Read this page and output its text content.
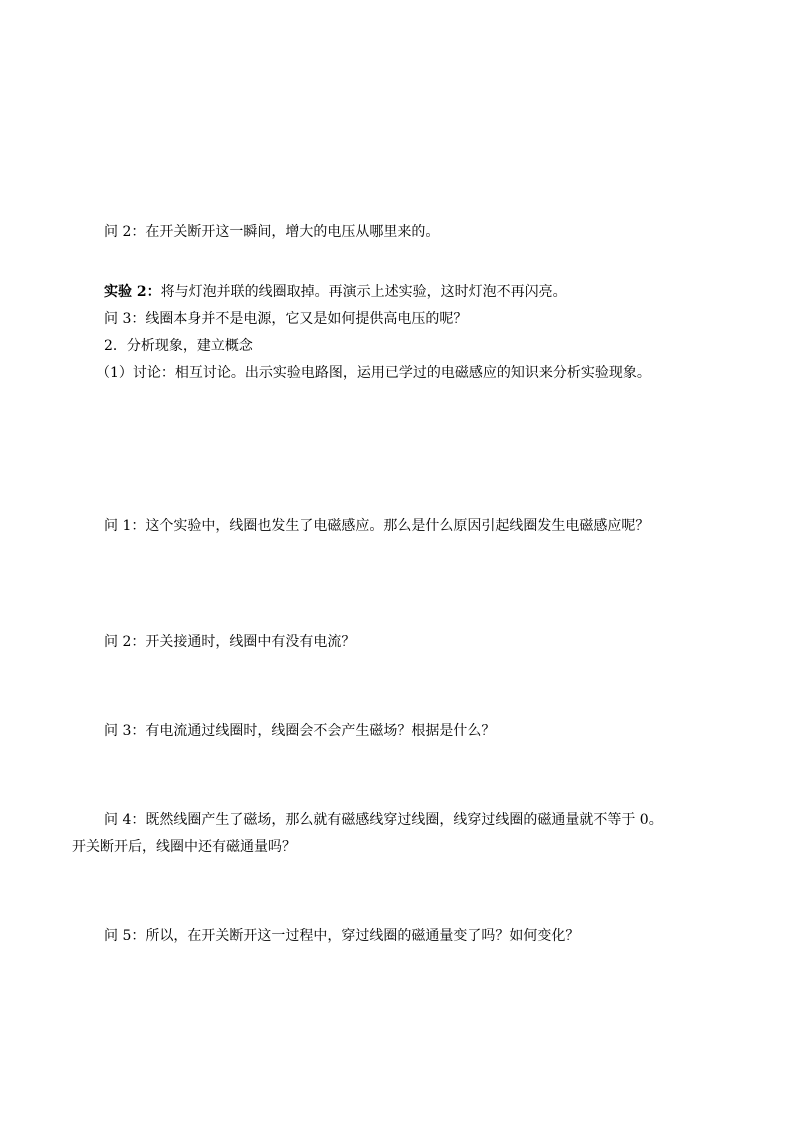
问 2：在开关断开这一瞬间，增大的电压从哪里来的。
实验 2：将与灯泡并联的线圈取掉。再演示上述实验，这时灯泡不再闪亮。
问 3：线圈本身并不是电源，它又是如何提供高电压的呢？
2．分析现象，建立概念
（1）讨论：相互讨论。出示实验电路图，运用已学过的电磁感应的知识来分析实验现象。
问 1：这个实验中，线圈也发生了电磁感应。那么是什么原因引起线圈发生电磁感应呢？
问 2：开关接通时，线圈中有没有电流？
问 3：有电流通过线圈时，线圈会不会产生磁场？根据是什么？
问 4：既然线圈产生了磁场，那么就有磁感线穿过线圈，线穿过线圈的磁通量就不等于 0。
开关断开后，线圈中还有磁通量吗？
问 5：所以，在开关断开这一过程中，穿过线圈的磁通量变了吗？如何变化？
